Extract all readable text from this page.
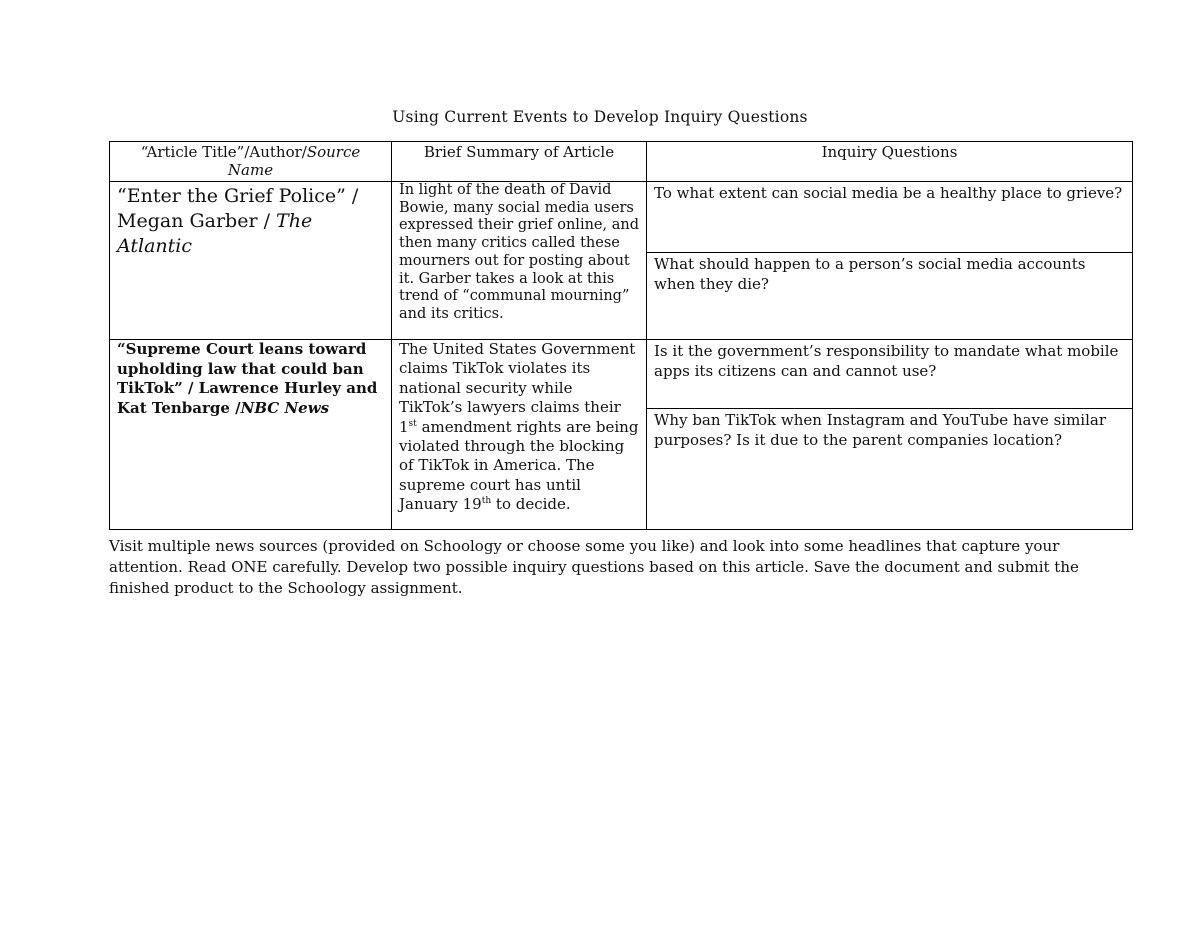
Using Current Events to Develop Inquiry Questions
“Article Title”/Author/Source Name	Brief Summary of Article	Inquiry Questions
“Enter the Grief Police” / Megan Garber / The Atlantic	In light of the death of David Bowie, many social media users expressed their grief online, and then many critics called these mourners out for posting about it. Garber takes a look at this trend of “communal mourning” and its critics.	To what extent can social media be a healthy place to grieve?
		What should happen to a person’s social media accounts when they die?
“Supreme Court leans toward upholding law that could ban TikTok” / Lawrence Hurley and Kat Tenbarge /NBC News	The United States Government claims TikTok violates its national security while TikTok’s lawyers claims their 1st amendment rights are being violated through the blocking of TikTok in America. The supreme court has until January 19th to decide.	Is it the government’s responsibility to mandate what mobile apps its citizens can and cannot use?
		Why ban TikTok when Instagram and YouTube have similar purposes? Is it due to the parent companies location?
Visit multiple news sources (provided on Schoology or choose some you like) and look into some headlines that capture your attention. Read ONE carefully. Develop two possible inquiry questions based on this article. Save the document and submit the finished product to the Schoology assignment.
